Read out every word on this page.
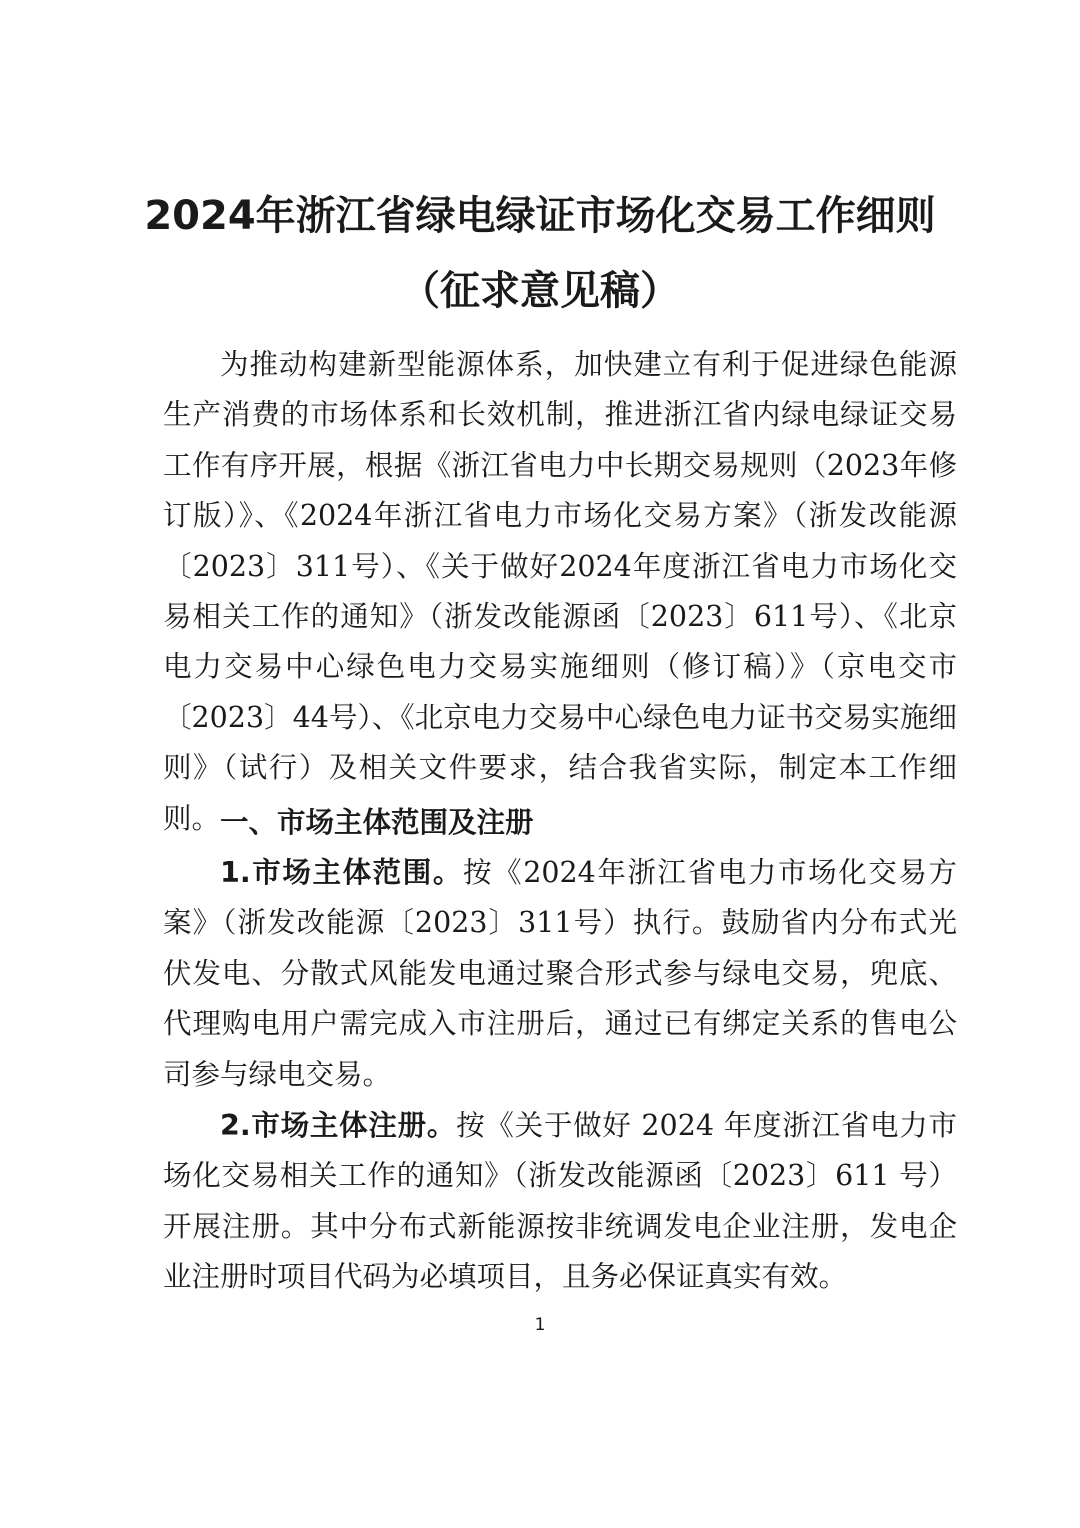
2024年浙江省绿电绿证市场化交易工作细则
（征求意见稿）

为推动构建新型能源体系，加快建立有利于促进绿色能源生产消费的市场体系和长效机制，推进浙江省内绿电绿证交易工作有序开展，根据《浙江省电力中长期交易规则（2023年修订版）》、《2024年浙江省电力市场化交易方案》（浙发改能源〔2023〕311号）、《关于做好2024年度浙江省电力市场化交易相关工作的通知》（浙发改能源函〔2023〕611号）、《北京电力交易中心绿色电力交易实施细则（修订稿）》（京电交市〔2023〕44号）、《北京电力交易中心绿色电力证书交易实施细则》（试行）及相关文件要求，结合我省实际，制定本工作细则。 一、市场主体范围及注册

1.市场主体范围。按《2024年浙江省电力市场化交易方案》（浙发改能源〔2023〕311号）执行。鼓励省内分布式光伏发电、分散式风能发电通过聚合形式参与绿电交易，兜底、代理购电用户需完成入市注册后，通过已有绑定关系的售电公司参与绿电交易。

2.市场主体注册。按《关于做好 2024 年度浙江省电力市场化交易相关工作的通知》（浙发改能源函〔2023〕611 号）开展注册。其中分布式新能源按非统调发电企业注册，发电企业注册时项目代码为必填项目，且务必保证真实有效。

1
